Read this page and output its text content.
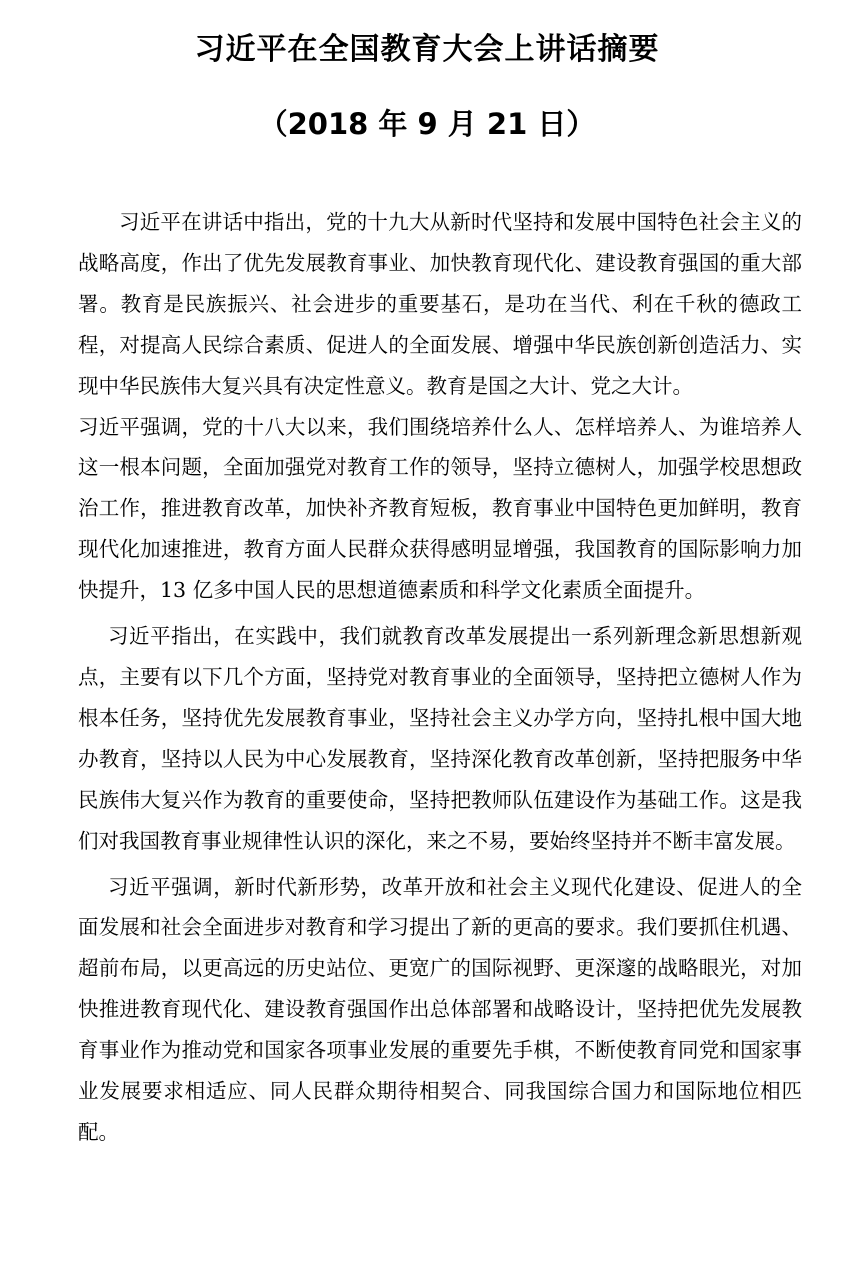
习近平在全国教育大会上讲话摘要
（2018 年 9 月 21 日）

习近平在讲话中指出，党的十九大从新时代坚持和发展中国特色社会主义的战略高度，作出了优先发展教育事业、加快教育现代化、建设教育强国的重大部署。教育是民族振兴、社会进步的重要基石，是功在当代、利在千秋的德政工程，对提高人民综合素质、促进人的全面发展、增强中华民族创新创造活力、实现中华民族伟大复兴具有决定性意义。教育是国之大计、党之大计。

习近平强调，党的十八大以来，我们围绕培养什么人、怎样培养人、为谁培养人这一根本问题，全面加强党对教育工作的领导，坚持立德树人，加强学校思想政治工作，推进教育改革，加快补齐教育短板，教育事业中国特色更加鲜明，教育现代化加速推进，教育方面人民群众获得感明显增强，我国教育的国际影响力加快提升，13 亿多中国人民的思想道德素质和科学文化素质全面提升。

习近平指出，在实践中，我们就教育改革发展提出一系列新理念新思想新观点，主要有以下几个方面，坚持党对教育事业的全面领导，坚持把立德树人作为根本任务，坚持优先发展教育事业，坚持社会主义办学方向，坚持扎根中国大地办教育，坚持以人民为中心发展教育，坚持深化教育改革创新，坚持把服务中华民族伟大复兴作为教育的重要使命，坚持把教师队伍建设作为基础工作。这是我们对我国教育事业规律性认识的深化，来之不易，要始终坚持并不断丰富发展。

习近平强调，新时代新形势，改革开放和社会主义现代化建设、促进人的全面发展和社会全面进步对教育和学习提出了新的更高的要求。我们要抓住机遇、超前布局，以更高远的历史站位、更宽广的国际视野、更深邃的战略眼光，对加快推进教育现代化、建设教育强国作出总体部署和战略设计，坚持把优先发展教育事业作为推动党和国家各项事业发展的重要先手棋，不断使教育同党和国家事业发展要求相适应、同人民群众期待相契合、同我国综合国力和国际地位相匹配。
